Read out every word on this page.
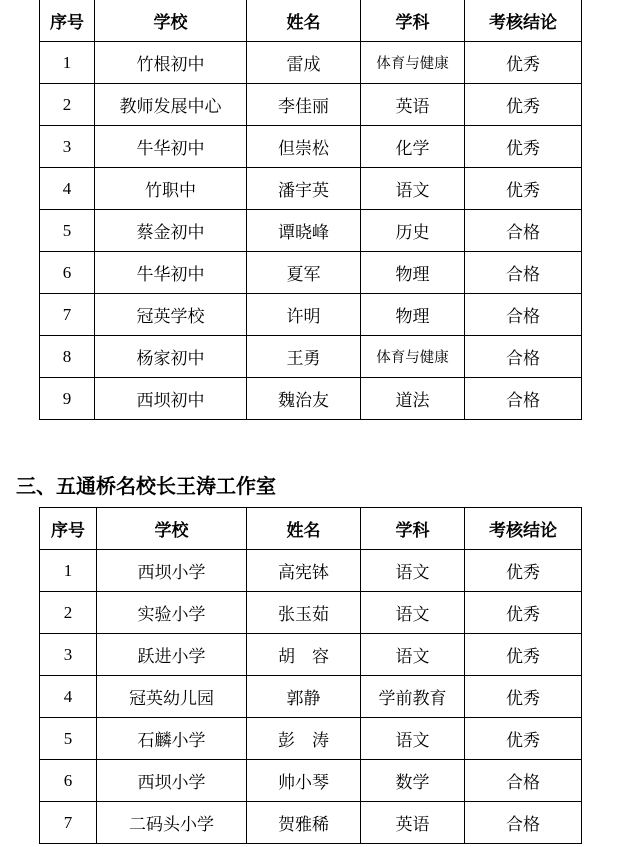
序号	学校	姓名	学科	考核结论
1	竹根初中	雷成	体育与健康	优秀
2	教师发展中心	李佳丽	英语	优秀
3	牛华初中	但崇松	化学	优秀
4	竹职中	潘宇英	语文	优秀
5	蔡金初中	谭晓峰	历史	合格
6	牛华初中	夏军	物理	合格
7	冠英学校	许明	物理	合格
8	杨家初中	王勇	体育与健康	合格
9	西坝初中	魏治友	道法	合格
三、五通桥名校长王涛工作室
序号	学校	姓名	学科	考核结论
1	西坝小学	高宪钵	语文	优秀
2	实验小学	张玉茹	语文	优秀
3	跃进小学	胡　容	语文	优秀
4	冠英幼儿园	郭静	学前教育	优秀
5	石麟小学	彭　涛	语文	优秀
6	西坝小学	帅小琴	数学	合格
7	二码头小学	贺雅稀	英语	合格
